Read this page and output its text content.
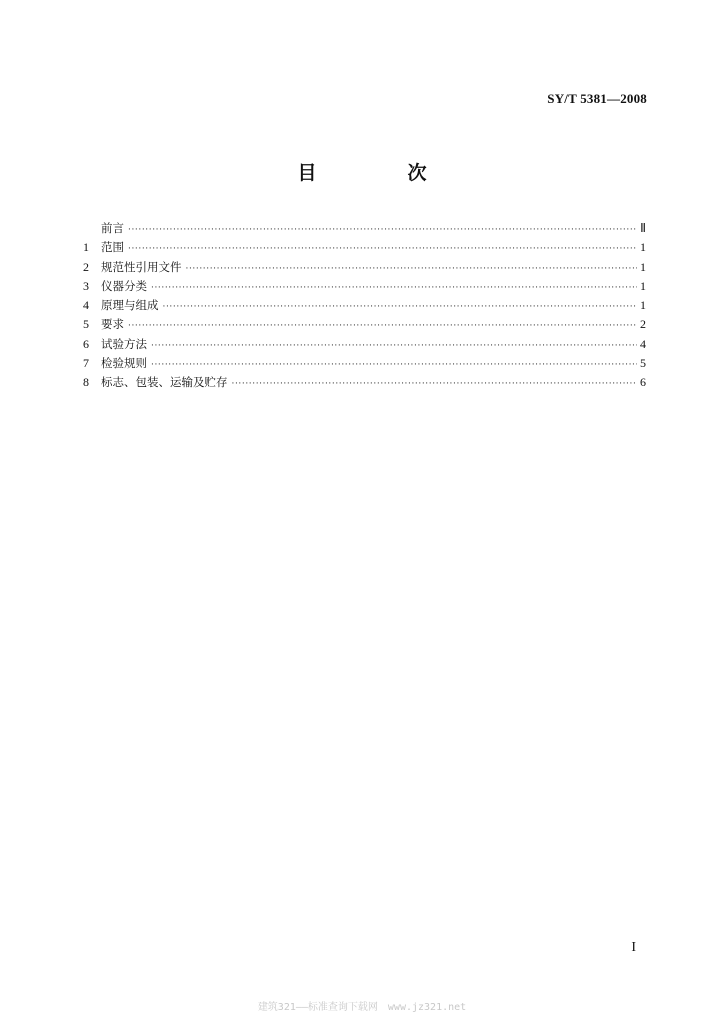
SY/T 5381—2008
目　次
前言 ·····	Ⅱ
1	范围 ·····	1
2	规范性引用文件 ·····	1
3	仪器分类 ·····	1
4	原理与组成 ·····	1
5	要求 ·····	2
6	试验方法 ·····	4
7	检验规则 ·····	5
8	标志、包装、运输及贮存 ·····	6
I
建筑321——标准查询下载网　www.jz321.net
